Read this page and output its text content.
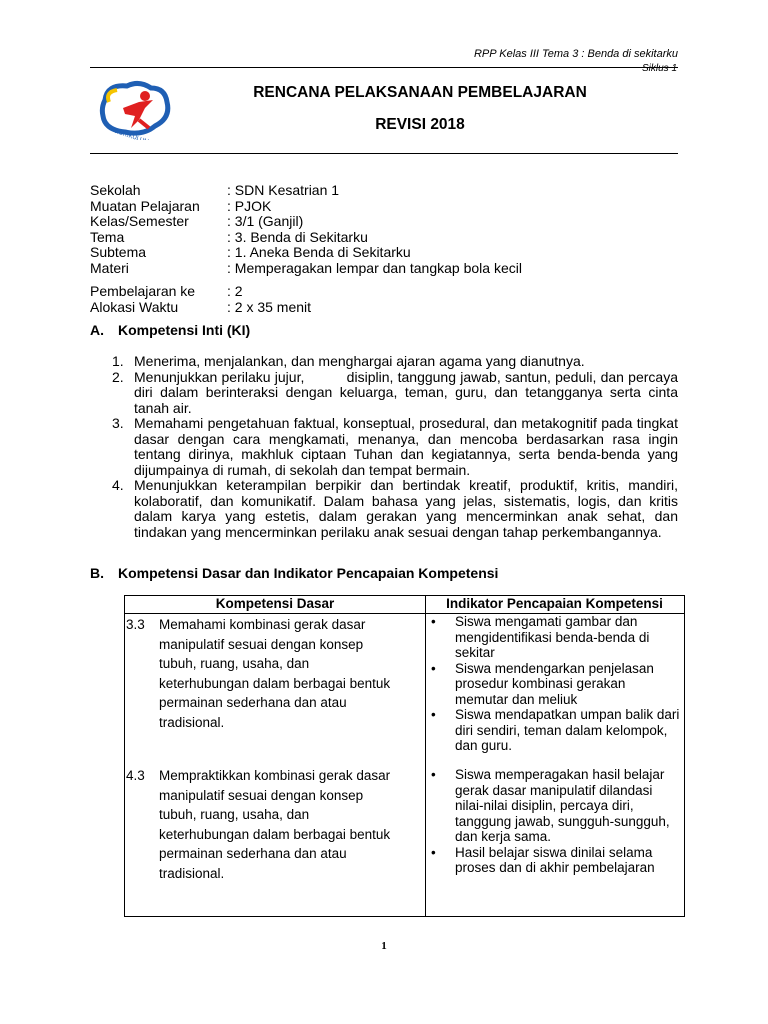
RPP Kelas III Tema 3 : Benda di sekitarku
Siklus 1
KURIKULUM 2013
RENCANA PELAKSANAAN PEMBELAJARAN
REVISI 2018
Sekolah	: SDN Kesatrian 1
Muatan Pelajaran	: PJOK
Kelas/Semester	: 3/1 (Ganjil)
Tema	: 3. Benda di Sekitarku
Subtema	: 1. Aneka Benda di Sekitarku
Materi	: Memperagakan lempar dan tangkap bola kecil
Pembelajaran ke	: 2
Alokasi Waktu	: 2 x 35 menit
A. Kompetensi Inti (KI)
1. Menerima, menjalankan, dan menghargai ajaran agama yang dianutnya.
2. Menunjukkan perilaku jujur,          disiplin, tanggung jawab, santun, peduli, dan percaya diri dalam berinteraksi dengan keluarga, teman, guru, dan tetangganya serta cinta tanah air.
3. Memahami pengetahuan faktual, konseptual, prosedural, dan metakognitif pada tingkat dasar dengan cara mengkamati, menanya, dan mencoba berdasarkan rasa ingin tentang dirinya, makhluk ciptaan Tuhan dan kegiatannya, serta benda-benda yang dijumpainya di rumah, di sekolah dan tempat bermain.
4. Menunjukkan keterampilan berpikir dan bertindak kreatif, produktif, kritis, mandiri, kolaboratif, dan komunikatif. Dalam bahasa yang jelas, sistematis, logis, dan kritis dalam karya yang estetis, dalam gerakan yang mencerminkan anak sehat, dan tindakan yang mencerminkan perilaku anak sesuai dengan tahap perkembangannya.
B. Kompetensi Dasar dan Indikator Pencapaian Kompetensi
Kompetensi Dasar	Indikator Pencapaian Kompetensi
3.3 Memahami kombinasi gerak dasar manipulatif sesuai dengan konsep tubuh, ruang, usaha, dan keterhubungan dalam berbagai bentuk permainan sederhana dan atau tradisional.
•	Siswa mengamati gambar dan mengidentifikasi benda-benda di sekitar
•	Siswa mendengarkan penjelasan prosedur kombinasi gerakan memutar dan meliuk
•	Siswa mendapatkan umpan balik dari diri sendiri, teman dalam kelompok, dan guru.
4.3 Mempraktikkan kombinasi gerak dasar manipulatif sesuai dengan konsep tubuh, ruang, usaha, dan keterhubungan dalam berbagai bentuk permainan sederhana dan atau tradisional.
•	Siswa memperagakan hasil belajar gerak dasar manipulatif dilandasi nilai-nilai disiplin, percaya diri, tanggung jawab, sungguh-sungguh, dan kerja sama.
•	Hasil belajar siswa dinilai selama proses dan di akhir pembelajaran
1
